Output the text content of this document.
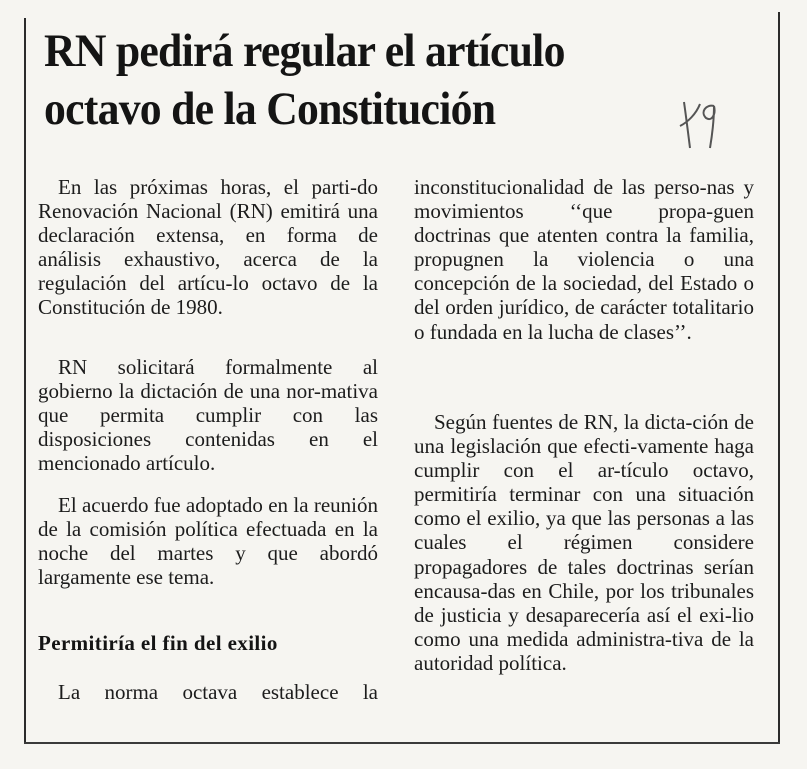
RN pedirá regular el artículo
octavo de la Constitución

En las próximas horas, el parti-do Renovación Nacional (RN) emitirá una declaración extensa, en forma de análisis exhaustivo, acerca de la regulación del artícu-lo octavo de la Constitución de 1980.

RN solicitará formalmente al gobierno la dictación de una nor-mativa que permita cumplir con las disposiciones contenidas en el mencionado artículo.

El acuerdo fue adoptado en la reunión de la comisión política efectuada en la noche del martes y que abordó largamente ese tema.

La norma octava establece la

Permitiría el fin del exilio

inconstitucionalidad de las perso-nas y movimientos ‘‘que propa-guen doctrinas que atenten contra la familia, propugnen la violencia o una concepción de la sociedad, del Estado o del orden jurídico, de carácter totalitario o fundada en la lucha de clases’’.

Según fuentes de RN, la dicta-ción de una legislación que efecti-vamente haga cumplir con el ar-tículo octavo, permitiría terminar con una situación como el exilio, ya que las personas a las cuales el régimen considere propagadores de tales doctrinas serían encausa-das en Chile, por los tribunales de justicia y desaparecería así el exi-lio como una medida administra-tiva de la autoridad política.
